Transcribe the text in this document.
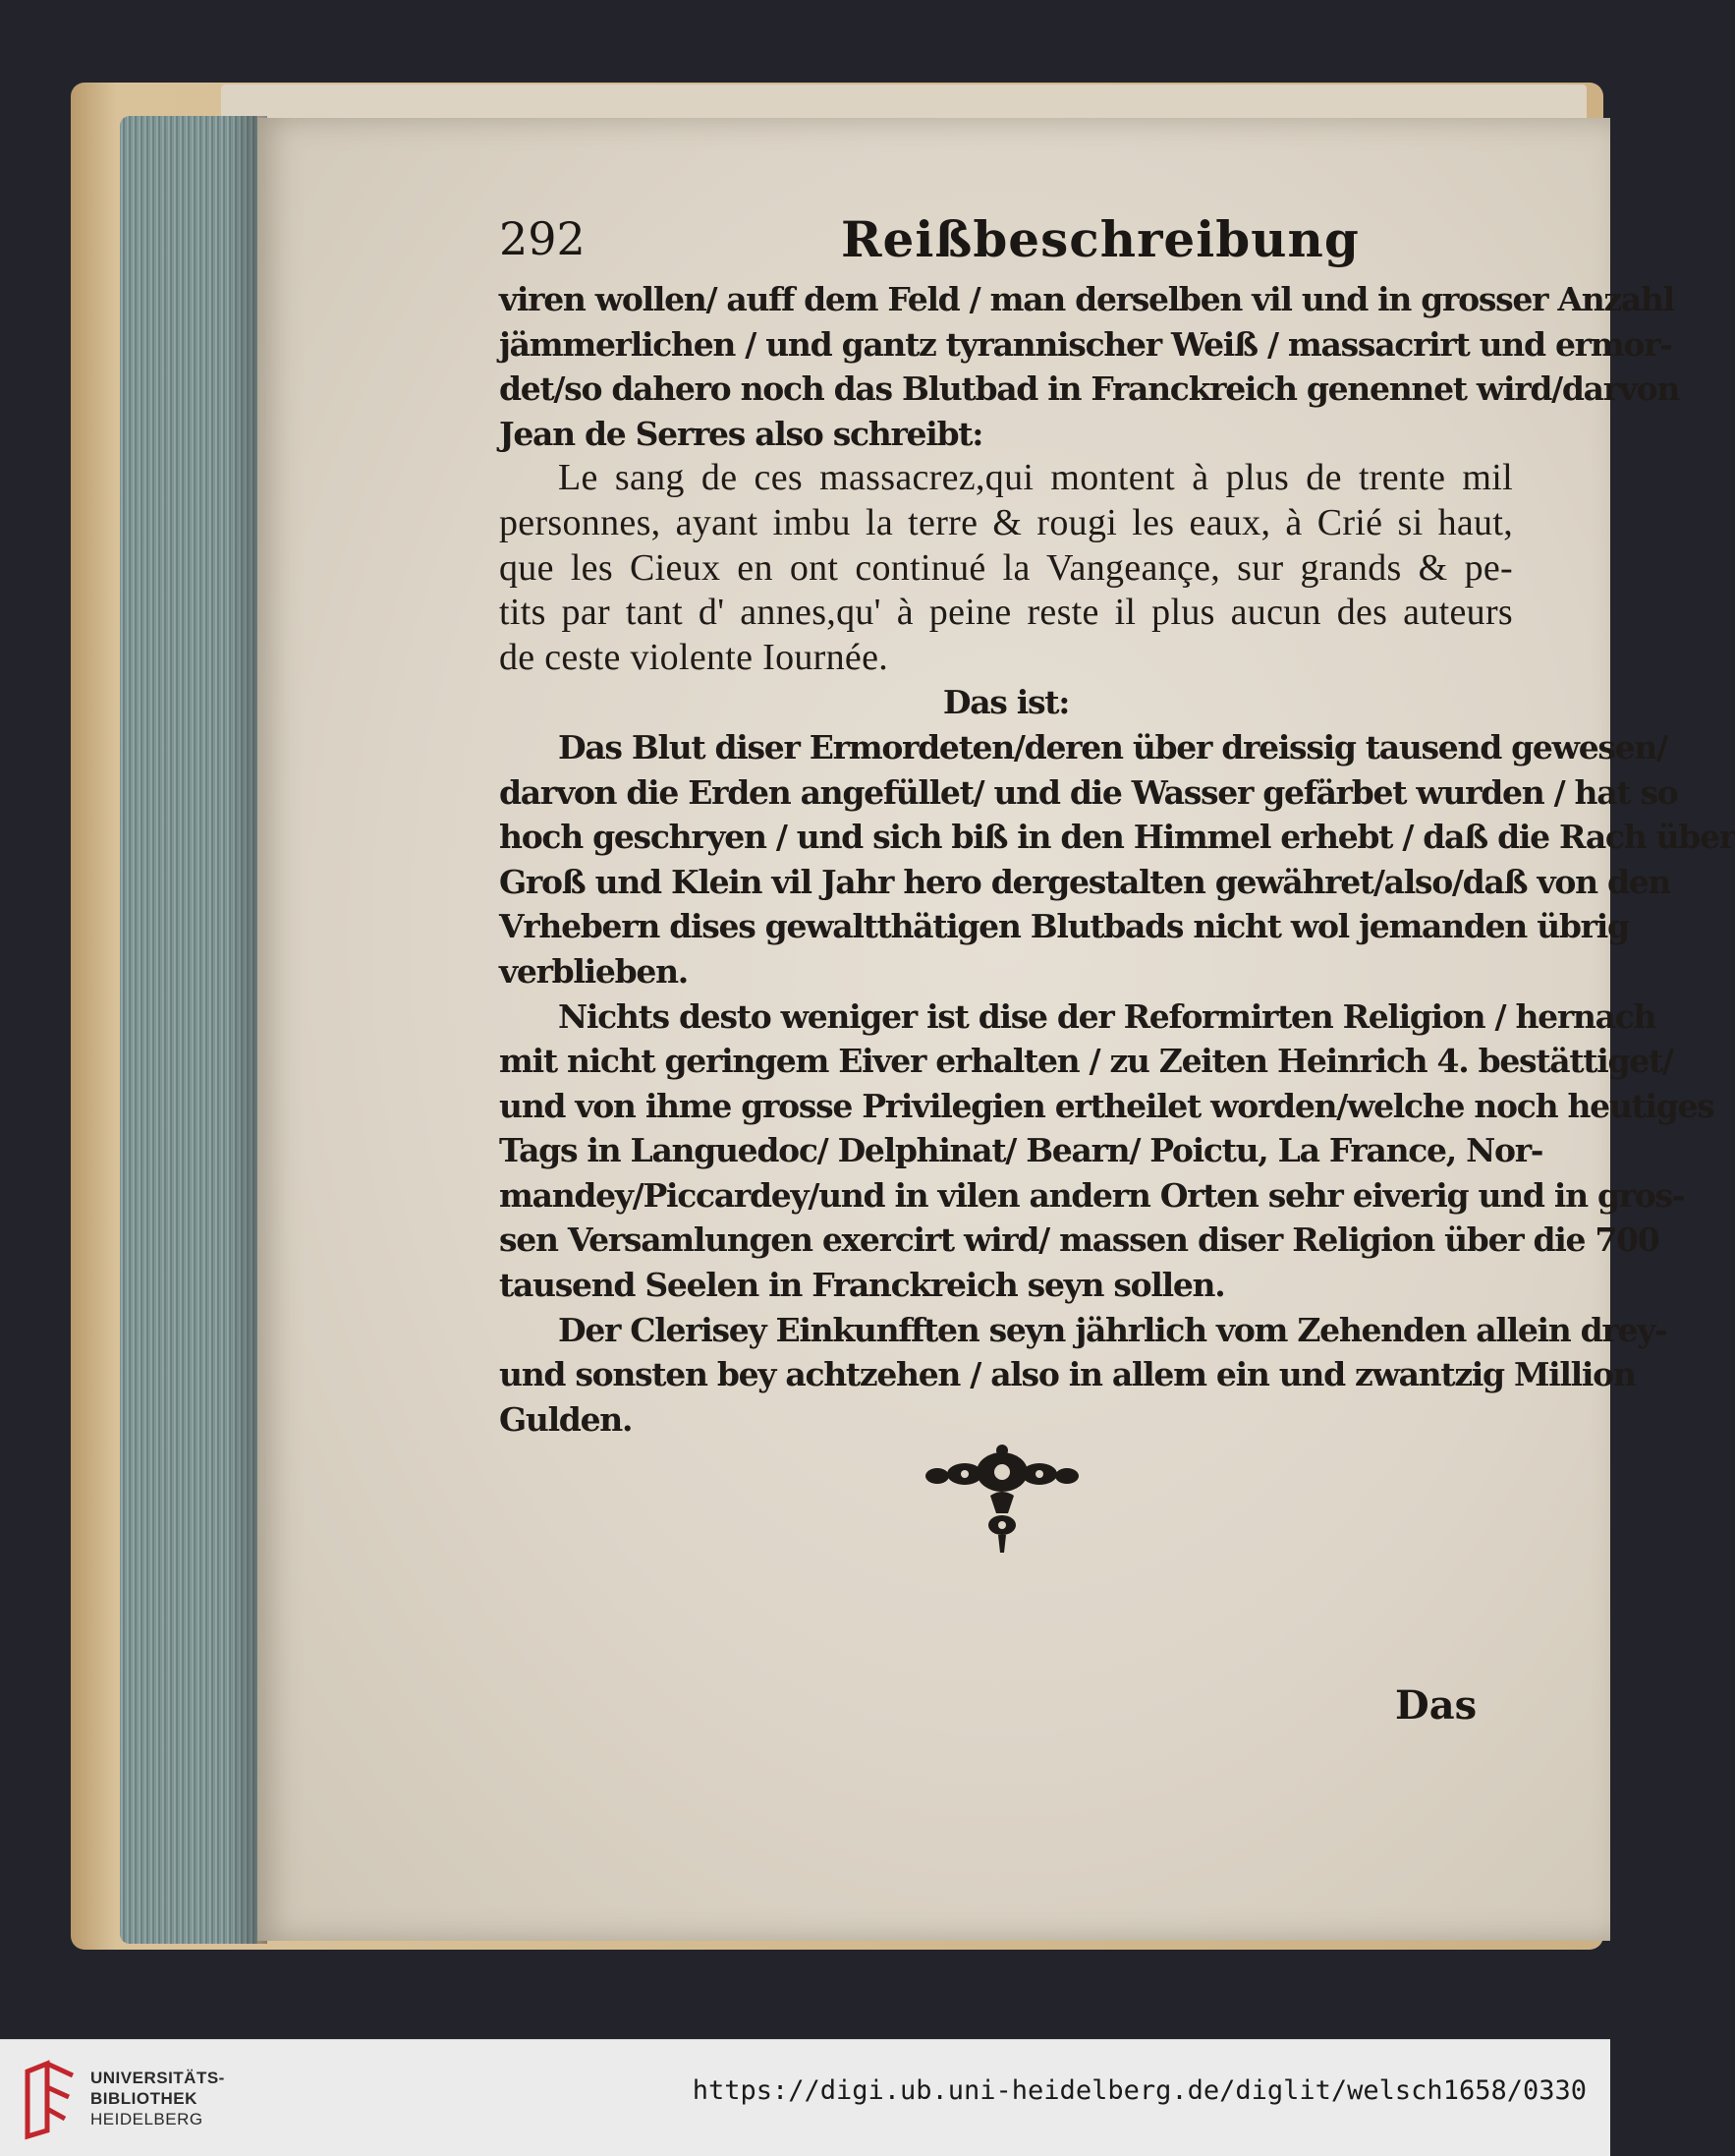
292	Reißbeschreibung
viren wollen/ auff dem Feld / man derselben vil und in grosser Anzahl
jämmerlichen / und gantz tyrannischer Weiß / massacrirt und ermor-
det/so dahero noch das Blutbad in Franckreich genennet wird/darvon
Jean de Serres also schreibt:
Le sang de ces massacrez,qui montent à plus de trente mil
personnes, ayant imbu la terre & rougi les eaux, à Crié si haut,
que les Cieux en ont continué la Vangeançe, sur grands & pe-
tits par tant d' annes,qu' à peine reste il plus aucun des auteurs
de ceste violente Iournée.
Das ist:
Das Blut diser Ermordeten/deren über dreissig tausend gewesen/
darvon die Erden angefüllet/ und die Wasser gefärbet wurden / hat so
hoch geschryen / und sich biß in den Himmel erhebt / daß die Rach über
Groß und Klein vil Jahr hero dergestalten gewähret/also/daß von den
Vrhebern dises gewaltthätigen Blutbads nicht wol jemanden übrig
verblieben.
Nichts desto weniger ist dise der Reformirten Religion / hernach
mit nicht geringem Eiver erhalten / zu Zeiten Heinrich 4. bestättiget/
und von ihme grosse Privilegien ertheilet worden/welche noch heutiges
Tags in Languedoc/ Delphinat/ Bearn/ Poictu, La France, Nor-
mandey/Piccardey/und in vilen andern Orten sehr eiverig und in gros-
sen Versamlungen exercirt wird/ massen diser Religion über die 700
tausend Seelen in Franckreich seyn sollen.
Der Clerisey Einkunfften seyn jährlich vom Zehenden allein drey-
und sonsten bey achtzehen / also in allem ein und zwantzig Million
Gulden.
Das
UNIVERSITÄTS-
BIBLIOTHEK
HEIDELBERG
https://digi.ub.uni-heidelberg.de/diglit/welsch1658/0330
